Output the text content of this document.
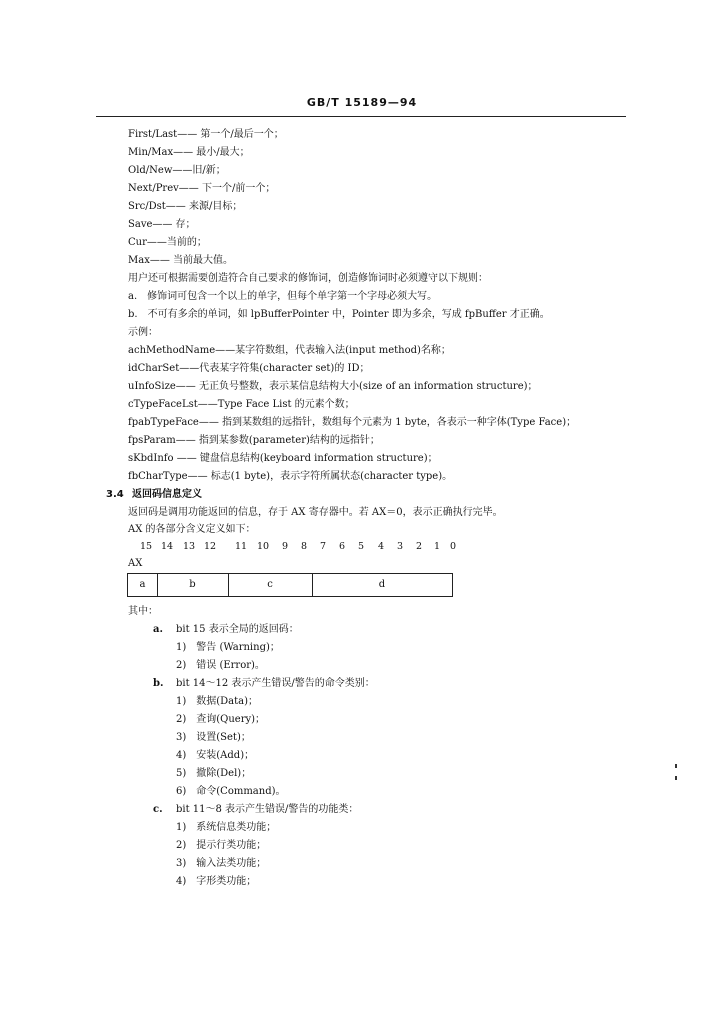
GB/T 15189—94
First/Last—— 第一个/最后一个；
Min/Max—— 最小/最大；
Old/New——旧/新；
Next/Prev—— 下一个/前一个；
Src/Dst—— 来源/目标；
Save—— 存；
Cur——当前的；
Max—— 当前最大值。
用户还可根据需要创造符合自己要求的修饰词，创造修饰词时必须遵守以下规则：
a.　修饰词可包含一个以上的单字，但每个单字第一个字母必须大写。
b.　不可有多余的单词，如 lpBufferPointer 中，Pointer 即为多余，写成 fpBuffer 才正确。
示例：
achMethodName——某字符数组，代表输入法(input method)名称；
idCharSet——代表某字符集(character set)的 ID；
uInfoSize—— 无正负号整数，表示某信息结构大小(size of an information structure)；
cTypeFaceLst——Type Face List 的元素个数；
fpabTypeFace—— 指到某数组的远指针，数组每个元素为 1 byte，各表示一种字体(Type Face)；
fpsParam—— 指到某参数(parameter)结构的远指针；
sKbdInfo —— 键盘信息结构(keyboard information structure)；
fbCharType—— 标志(1 byte)，表示字符所属状态(character type)。
3.4 返回码信息定义
返回码是调用功能返回的信息，存于 AX 寄存器中。若 AX＝0，表示正确执行完毕。
AX 的各部分含义定义如下：
15 14	13 12	11	10	9	8	7	6	5	4	3	2	1	0
AX
a	b	c	d
其中：
a. bit 15 表示全局的返回码：
1)　警告 (Warning)；
2)　错误 (Error)。
b. bit 14～12 表示产生错误/警告的命令类别：
1)　数据(Data)；
2)　查询(Query)；
3)　设置(Set)；
4)　安装(Add)；
5)　撤除(Del)；
6)　命令(Command)。
c. bit 11～8 表示产生错误/警告的功能类：
1)　系统信息类功能；
2)　提示行类功能；
3)　输入法类功能；
4)　字形类功能；
